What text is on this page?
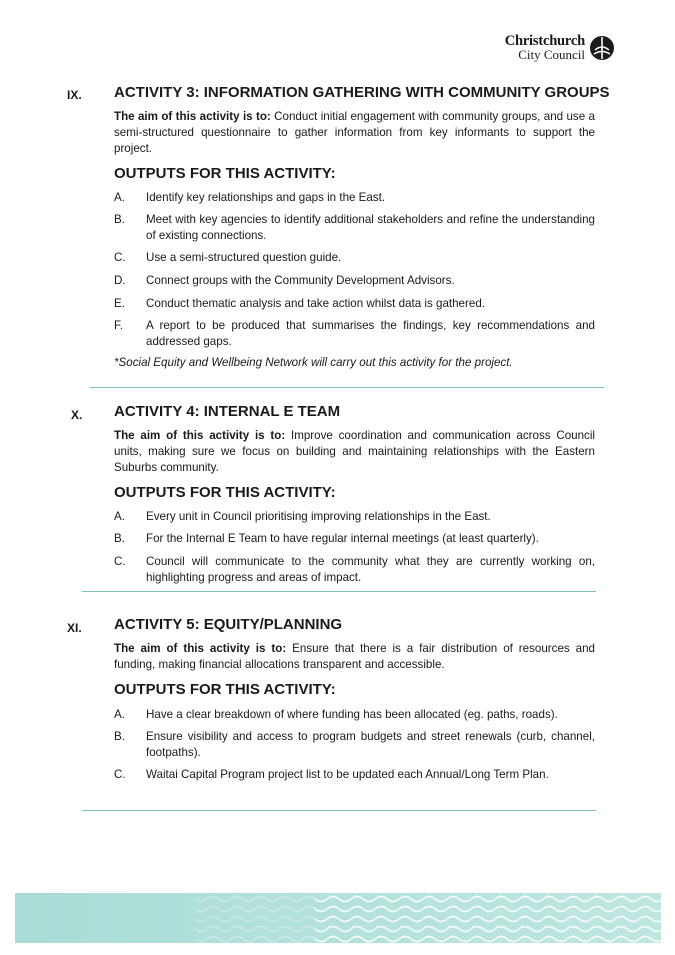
Christchurch
City Council
IX. ACTIVITY 3: INFORMATION GATHERING WITH COMMUNITY GROUPS
The aim of this activity is to: Conduct initial engagement with community groups, and use a semi-structured questionnaire to gather information from key informants to support the project.
OUTPUTS FOR THIS ACTIVITY:
A. Identify key relationships and gaps in the East.
B. Meet with key agencies to identify additional stakeholders and refine the understanding of existing connections.
C. Use a semi-structured question guide.
D. Connect groups with the Community Development Advisors.
E. Conduct thematic analysis and take action whilst data is gathered.
F. A report to be produced that summarises the findings, key recommendations and addressed gaps.
*Social Equity and Wellbeing Network will carry out this activity for the project.
X. ACTIVITY 4: INTERNAL E TEAM
The aim of this activity is to: Improve coordination and communication across Council units, making sure we focus on building and maintaining relationships with the Eastern Suburbs community.
OUTPUTS FOR THIS ACTIVITY:
A. Every unit in Council prioritising improving relationships in the East.
B. For the Internal E Team to have regular internal meetings (at least quarterly).
C. Council will communicate to the community what they are currently working on, highlighting progress and areas of impact.
XI. ACTIVITY 5: EQUITY/PLANNING
The aim of this activity is to: Ensure that there is a fair distribution of resources and funding, making financial allocations transparent and accessible.
OUTPUTS FOR THIS ACTIVITY:
A. Have a clear breakdown of where funding has been allocated (eg. paths, roads).
B. Ensure visibility and access to program budgets and street renewals (curb, channel, footpaths).
C. Waitai Capital Program project list to be updated each Annual/Long Term Plan.
